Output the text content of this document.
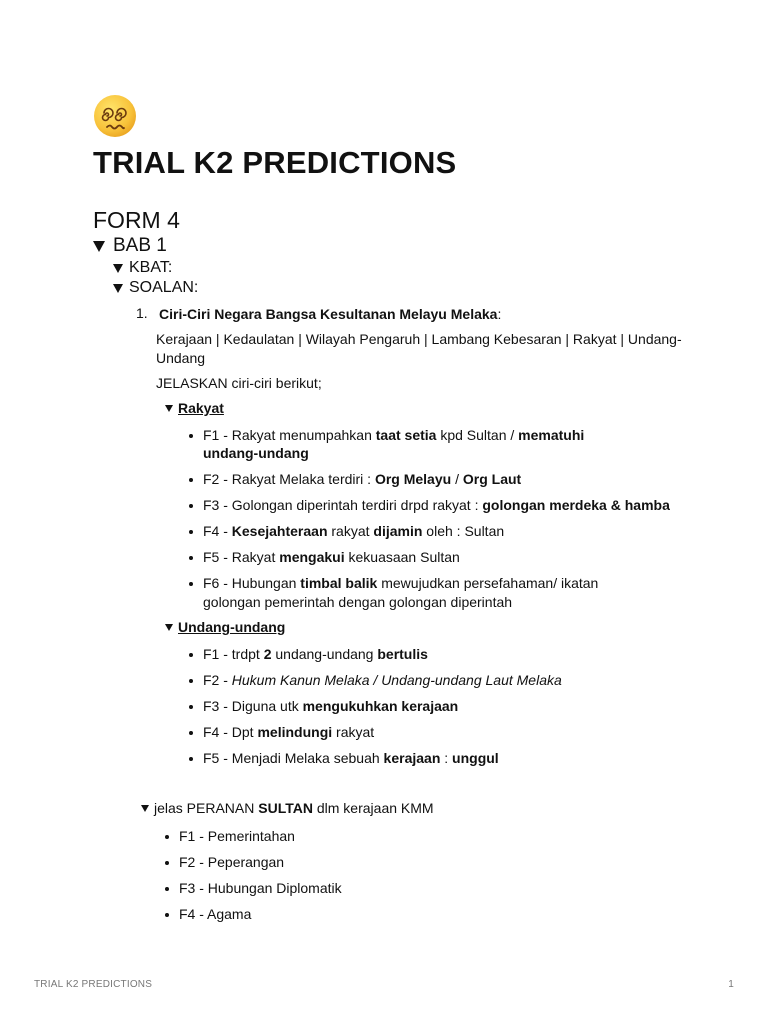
TRIAL K2 PREDICTIONS
FORM 4
BAB 1
KBAT:
SOALAN:
1. Ciri-Ciri Negara Bangsa Kesultanan Melayu Melaka:
Kerajaan | Kedaulatan | Wilayah Pengaruh | Lambang Kebesaran | Rakyat | Undang-
Undang
JELASKAN ciri-ciri berikut;
Rakyat
F1 - Rakyat menumpahkan taat setia kpd Sultan / mematuhi
undang-undang
F2 - Rakyat Melaka terdiri : Org Melayu / Org Laut
F3 - Golongan diperintah terdiri drpd rakyat : golongan merdeka & hamba
F4 - Kesejahteraan rakyat dijamin oleh : Sultan
F5 - Rakyat mengakui kekuasaan Sultan
F6 - Hubungan timbal balik mewujudkan persefahaman/ ikatan
golongan pemerintah dengan golongan diperintah
Undang-undang
F1 - trdpt 2 undang-undang bertulis
F2 - Hukum Kanun Melaka / Undang-undang Laut Melaka
F3 - Diguna utk mengukuhkan kerajaan
F4 - Dpt melindungi rakyat
F5 - Menjadi Melaka sebuah kerajaan : unggul
jelas PERANAN SULTAN dlm kerajaan KMM
F1 - Pemerintahan
F2 - Peperangan
F3 - Hubungan Diplomatik
F4 - Agama
TRIAL K2 PREDICTIONS	1
